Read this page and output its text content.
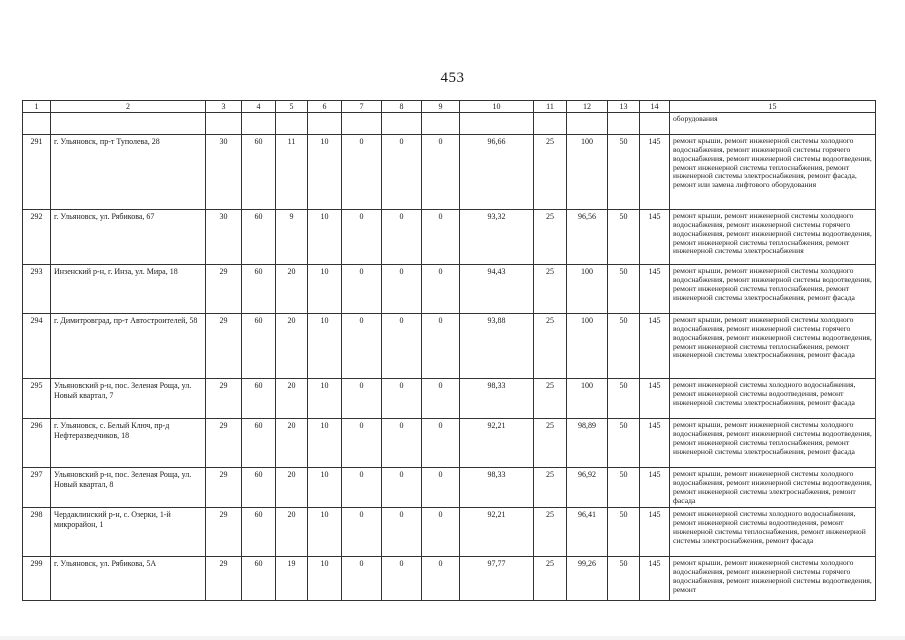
453
1	2	3	4	5	6	7	8	9	10	11	12	13	14	15
														оборудования
291	г. Ульяновск, пр-т Туполева, 28	30	60	11	10	0	0	0	96,66	25	100	50	145	ремонт крыши, ремонт инженерной системы холодного водоснабжения, ремонт инженерной системы горячего водоснабжения, ремонт инженерной системы водоотведения, ремонт инженерной системы теплоснабжения, ремонт инженерной системы электроснабжения, ремонт фасада, ремонт или замена лифтового оборудования
292	г. Ульяновск, ул. Рябикова, 67	30	60	9	10	0	0	0	93,32	25	96,56	50	145	ремонт крыши, ремонт инженерной системы холодного водоснабжения, ремонт инженерной системы горячего водоснабжения, ремонт инженерной системы водоотведения, ремонт инженерной системы теплоснабжения, ремонт инженерной системы электроснабжения
293	Инзенский р-н, г. Инза, ул. Мира, 18	29	60	20	10	0	0	0	94,43	25	100	50	145	ремонт крыши, ремонт инженерной системы холодного водоснабжения, ремонт инженерной системы водоотведения, ремонт инженерной системы теплоснабжения, ремонт инженерной системы электроснабжения, ремонт фасада
294	г. Димитровград, пр-т Автостроителей, 58	29	60	20	10	0	0	0	93,88	25	100	50	145	ремонт крыши, ремонт инженерной системы холодного водоснабжения, ремонт инженерной системы горячего водоснабжения, ремонт инженерной системы водоотведения, ремонт инженерной системы теплоснабжения, ремонт инженерной системы электроснабжения, ремонт фасада
295	Ульяновский р-н, пос. Зеленая Роща, ул. Новый квартал, 7	29	60	20	10	0	0	0	98,33	25	100	50	145	ремонт инженерной системы холодного водоснабжения, ремонт инженерной системы водоотведения, ремонт инженерной системы электроснабжения, ремонт фасада
296	г. Ульяновск, с. Белый Ключ, пр-д Нефтеразведчиков, 18	29	60	20	10	0	0	0	92,21	25	98,89	50	145	ремонт крыши, ремонт инженерной системы холодного водоснабжения, ремонт инженерной системы водоотведения, ремонт инженерной системы теплоснабжения, ремонт инженерной системы электроснабжения, ремонт фасада
297	Ульяновский р-н, пос. Зеленая Роща, ул. Новый квартал, 8	29	60	20	10	0	0	0	98,33	25	96,92	50	145	ремонт крыши, ремонт инженерной системы холодного водоснабжения, ремонт инженерной системы водоотведения, ремонт инженерной системы электроснабжения, ремонт фасада
298	Чердаклинский р-н, с. Озерки, 1-й микрорайон, 1	29	60	20	10	0	0	0	92,21	25	96,41	50	145	ремонт инженерной системы холодного водоснабжения, ремонт инженерной системы водоотведения, ремонт инженерной системы теплоснабжения, ремонт инженерной системы электроснабжения, ремонт фасада
299	г. Ульяновск, ул. Рябикова, 5А	29	60	19	10	0	0	0	97,77	25	99,26	50	145	ремонт крыши, ремонт инженерной системы холодного водоснабжения, ремонт инженерной системы горячего водоснабжения, ремонт инженерной системы водоотведения, ремонт
